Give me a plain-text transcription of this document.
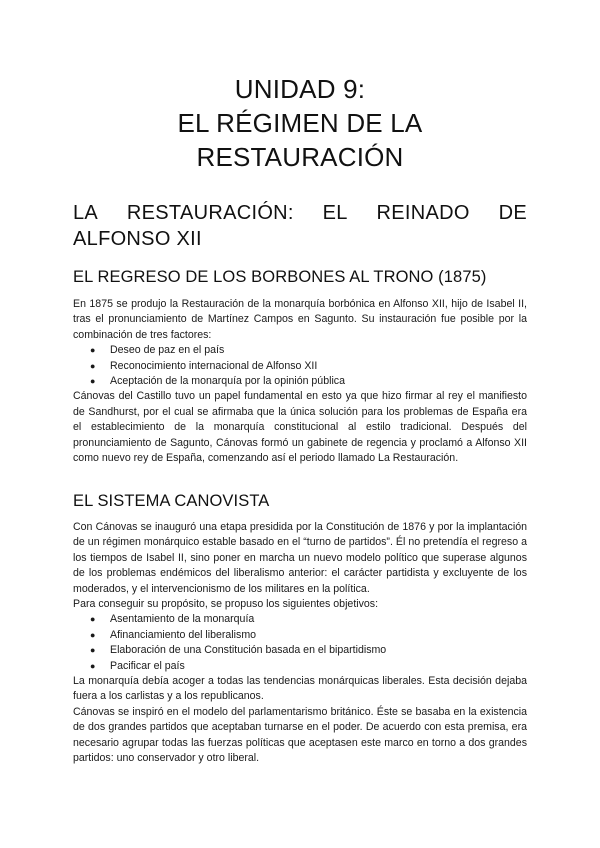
UNIDAD 9:
EL RÉGIMEN DE LA
RESTAURACIÓN
LA RESTAURACIÓN: EL REINADO DE
ALFONSO XII
EL REGRESO DE LOS BORBONES AL TRONO (1875)

En 1875 se produjo la Restauración de la monarquía borbónica en Alfonso XII, hijo de Isabel II, tras el pronunciamiento de Martínez Campos en Sagunto. Su instauración fue posible por la combinación de tres factores:

● Deseo de paz en el país
● Reconocimiento internacional de Alfonso XII
● Aceptación de la monarquía por la opinión pública

Cánovas del Castillo tuvo un papel fundamental en esto ya que hizo firmar al rey el manifiesto de Sandhurst, por el cual se afirmaba que la única solución para los problemas de España era el establecimiento de la monarquía constitucional al estilo tradicional. Después del pronunciamiento de Sagunto, Cánovas formó un gabinete de regencia y proclamó a Alfonso XII como nuevo rey de España, comenzando así el periodo llamado La Restauración.

EL SISTEMA CANOVISTA

Con Cánovas se inauguró una etapa presidida por la Constitución de 1876 y por la implantación de un régimen monárquico estable basado en el “turno de partidos”. Él no pretendía el regreso a los tiempos de Isabel II, sino poner en marcha un nuevo modelo político que superase algunos de los problemas endémicos del liberalismo anterior: el carácter partidista y excluyente de los moderados, y el intervencionismo de los militares en la política.

Para conseguir su propósito, se propuso los siguientes objetivos:

● Asentamiento de la monarquía
● Afinanciamiento del liberalismo
● Elaboración de una Constitución basada en el bipartidismo
● Pacificar el país

La monarquía debía acoger a todas las tendencias monárquicas liberales. Esta decisión dejaba fuera a los carlistas y a los republicanos.

Cánovas se inspiró en el modelo del parlamentarismo británico. Éste se basaba en la existencia de dos grandes partidos que aceptaban turnarse en el poder. De acuerdo con esta premisa, era necesario agrupar todas las fuerzas políticas que aceptasen este marco en torno a dos grandes partidos: uno conservador y otro liberal.
